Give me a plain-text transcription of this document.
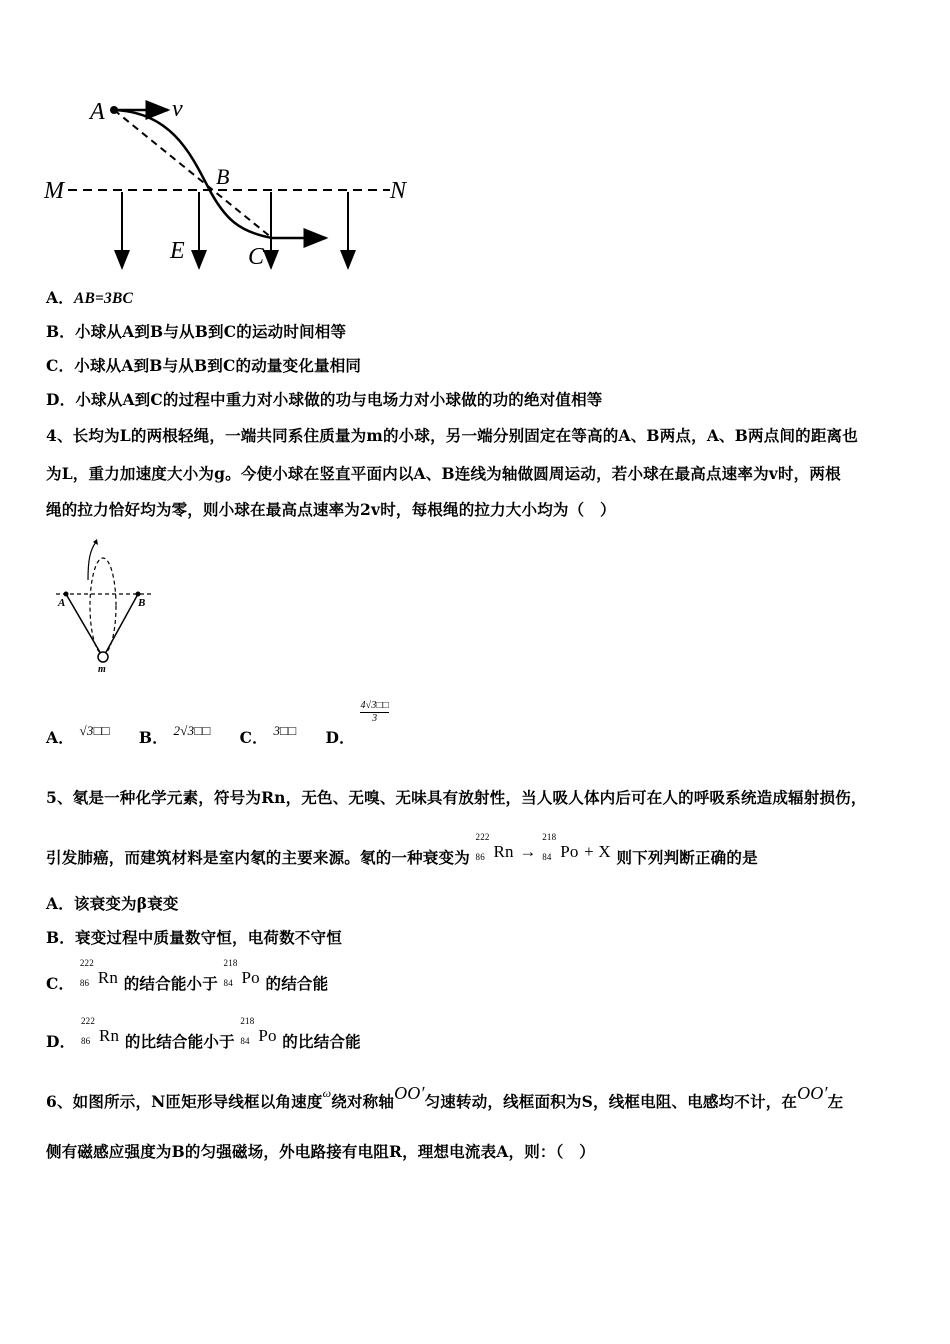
A	v
B
M	N
E	C
A．AB=3BC
B．小球从A到B与从B到C的运动时间相等
C．小球从A到B与从B到C的动量变化量相同
D．小球从A到C的过程中重力对小球做的功与电场力对小球做的功的绝对值相等
4、长均为L的两根轻绳，一端共同系住质量为m的小球，另一端分别固定在等高的A、B两点，A、B两点间的距离也
为L，重力加速度大小为g。今使小球在竖直平面内以A、B连线为轴做圆周运动，若小球在最高点速率为v时，两根
绳的拉力恰好均为零，则小球在最高点速率为2v时，每根绳的拉力大小均为（　）
A	B
m
A． $^{√3□□}$ B． $^{2√3□□}$ C． $^{3□□}$ D．
$\frac{4√3□□}{3}$
5、氡是一种化学元素，符号为Rn，无色、无嗅、无味具有放射性，当人吸人体内后可在人的呼吸系统造成辐射损伤，
引发肺癌，而建筑材料是室内氡的主要来源。氡的一种衰变为
222
86 Rn →
218
84 Po + X 则下列判断正确的是
A．该衰变为β衰变
B．衰变过程中质量数守恒，电荷数不守恒
C．
222
86 Rn 的结合能小于
218
84 Po 的结合能
D．
222
86 Rn 的比结合能小于
218
84 Po 的比结合能
6、如图所示，N匝矩形导线框以角速度$^\omega$绕对称轴OO′匀速转动，线框面积为S，线框电阻、电感均不计，在OO′左
侧有磁感应强度为B的匀强磁场，外电路接有电阻R，理想电流表A，则：（　）
